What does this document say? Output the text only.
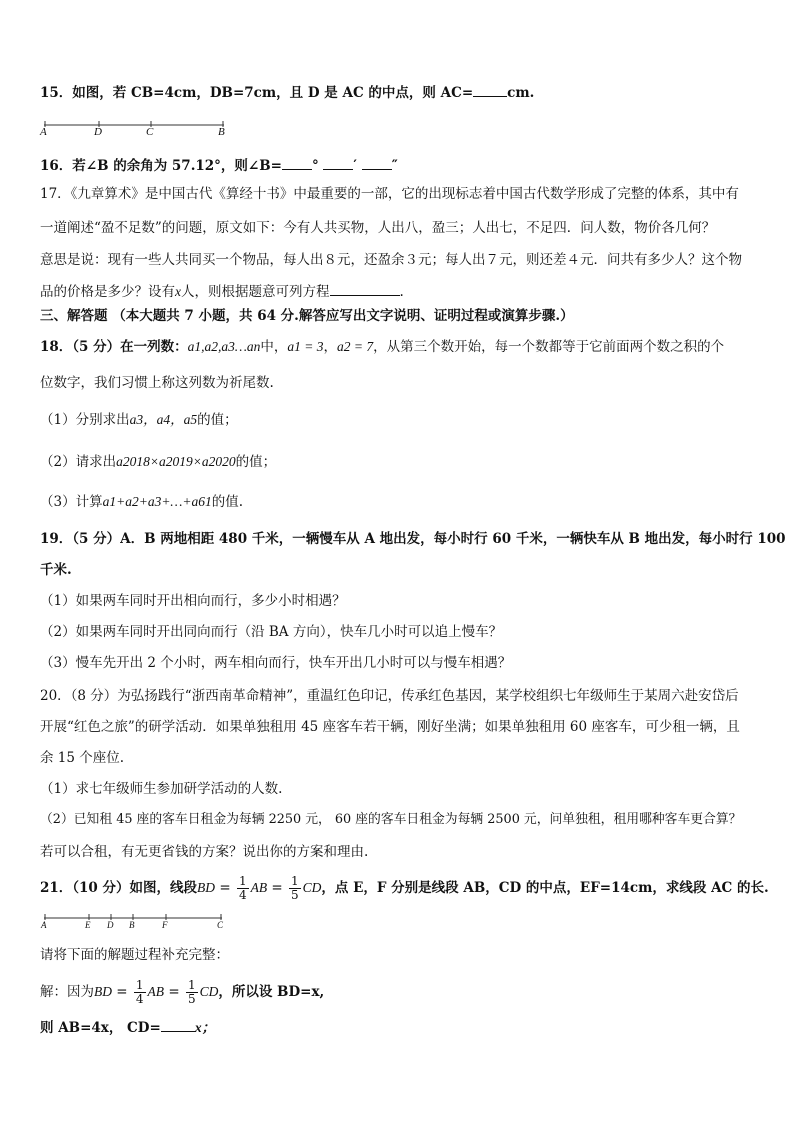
15．如图，若 CB=4cm，DB=7cm，且 D 是 AC 的中点，则 AC=	cm.
A	D	C	B
16．若∠B 的余角为 57.12°，则∠B= °	′	″
17．《九章算术》是中国古代《算经十书》中最重要的一部，它的出现标志着中国古代数学形成了完整的体系，其中有
一道阐述“盈不足数”的问题，原文如下：今有人共买物，人出八，盈三；人出七，不足四．问人数，物价各几何？
意思是说：现有一些人共同买一个物品，每人出８元，还盈余３元；每人出７元，则还差４元．问共有多少人？这个物
品的价格是多少？设有x人，则根据题意可列方程	.
三、解答题 （本大题共 7 小题，共 64 分.解答应写出文字说明、证明过程或演算步骤.）
18．（5 分）在一列数：a1,a2,a3…an中，a1 = 3，a2 = 7，从第三个数开始，每一个数都等于它前面两个数之积的个
位数字，我们习惯上称这列数为祈尾数.
（1）分别求出a3，a4，a5的值；
（2）请求出a2018×a2019×a2020的值；
（3）计算a1+a2+a3+…+a61的值.
19．（5 分）A．B 两地相距 480 千米，一辆慢车从 A 地出发，每小时行 60 千米，一辆快车从 B 地出发，每小时行 100
千米.
（1）如果两车同时开出相向而行，多少小时相遇？
（2）如果两车同时开出同向而行（沿 BA 方向），快车几小时可以追上慢车？
（3）慢车先开出 2 个小时，两车相向而行，快车开出几小时可以与慢车相遇？
20．（8 分）为弘扬践行“浙西南革命精神”，重温红色印记，传承红色基因，某学校组织七年级师生于某周六赴安岱后
开展“红色之旅”的研学活动．如果单独租用 45 座客车若干辆，刚好坐满；如果单独租用 60 座客车，可少租一辆，且
余 15 个座位.
（1）求七年级师生参加研学活动的人数.
（2）已知租 45 座的客车日租金为每辆 2250 元， 60 座的客车日租金为每辆 2500 元，问单独租，租用哪种客车更合算？
若可以合租，有无更省钱的方案？说出你的方案和理由.
21．（10 分）如图，线段BD = $\frac{1}{4}$ AB = $\frac{1}{5}$ CD，点 E，F 分别是线段 AB，CD 的中点，EF=14cm，求线段 AC 的长.
A	E D B	F	C
请将下面的解题过程补充完整：
解：因为BD = $\frac{1}{4}$ AB = $\frac{1}{5}$ CD，所以设 BD=x,
则 AB=4x， CD=	x；
